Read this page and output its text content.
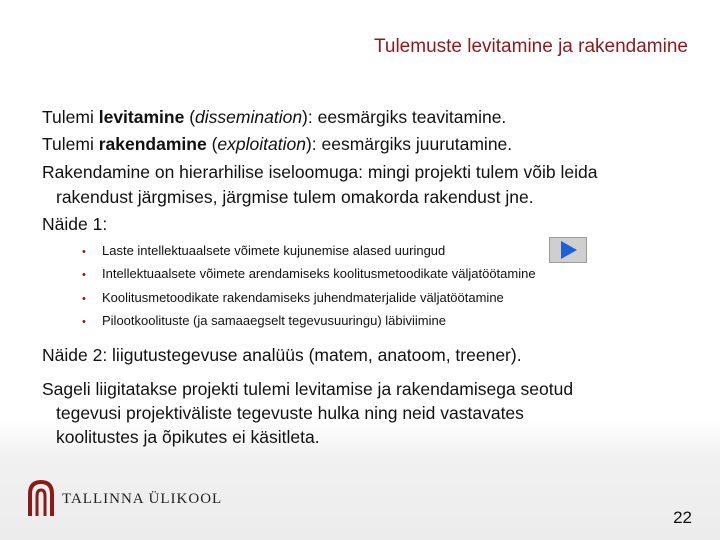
Tulemuste levitamine ja rakendamine
Tulemi levitamine (dissemination): eesmärgiks teavitamine.
Tulemi rakendamine (exploitation): eesmärgiks juurutamine.
Rakendamine on hierarhilise iseloomuga: mingi projekti tulem võib leida
rakendust järgmises, järgmise tulem omakorda rakendust jne.
Näide 1:
• Laste intellektuaalsete võimete kujunemise alased uuringud
• Intellektuaalsete võimete arendamiseks koolitusmetoodikate väljatöötamine
• Koolitusmetoodikate rakendamiseks juhendmaterjalide väljatöötamine
• Pilootkoolituste (ja samaaegselt tegevusuuringu) läbiviimine
Näide 2: liigutustegevuse analüüs (matem, anatoom, treener).
Sageli liigitatakse projekti tulemi levitamise ja rakendamisega seotud
tegevusi projektiväliste tegevuste hulka ning neid vastavates
koolitustes ja õpikutes ei käsitleta.
TALLINNA ÜLIKOOL
22
